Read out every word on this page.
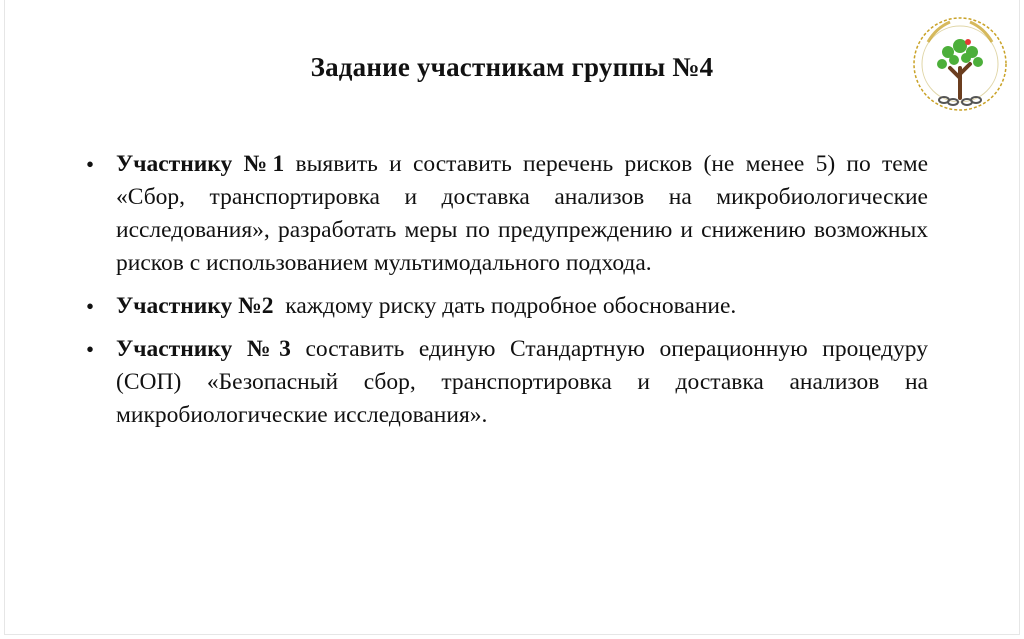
Задание участникам группы №4
• Участнику №1 выявить и составить перечень рисков (не менее 5) по теме «Сбор, транспортировка и доставка анализов на микробиологические исследования», разработать меры по предупреждению и снижению возможных рисков с использованием мультимодального подхода.
• Участнику №2  каждому риску дать подробное обоснование.
• Участнику №3 составить единую Стандартную операционную процедуру (СОП) «Безопасный сбор, транспортировка и доставка анализов на микробиологические исследования».
